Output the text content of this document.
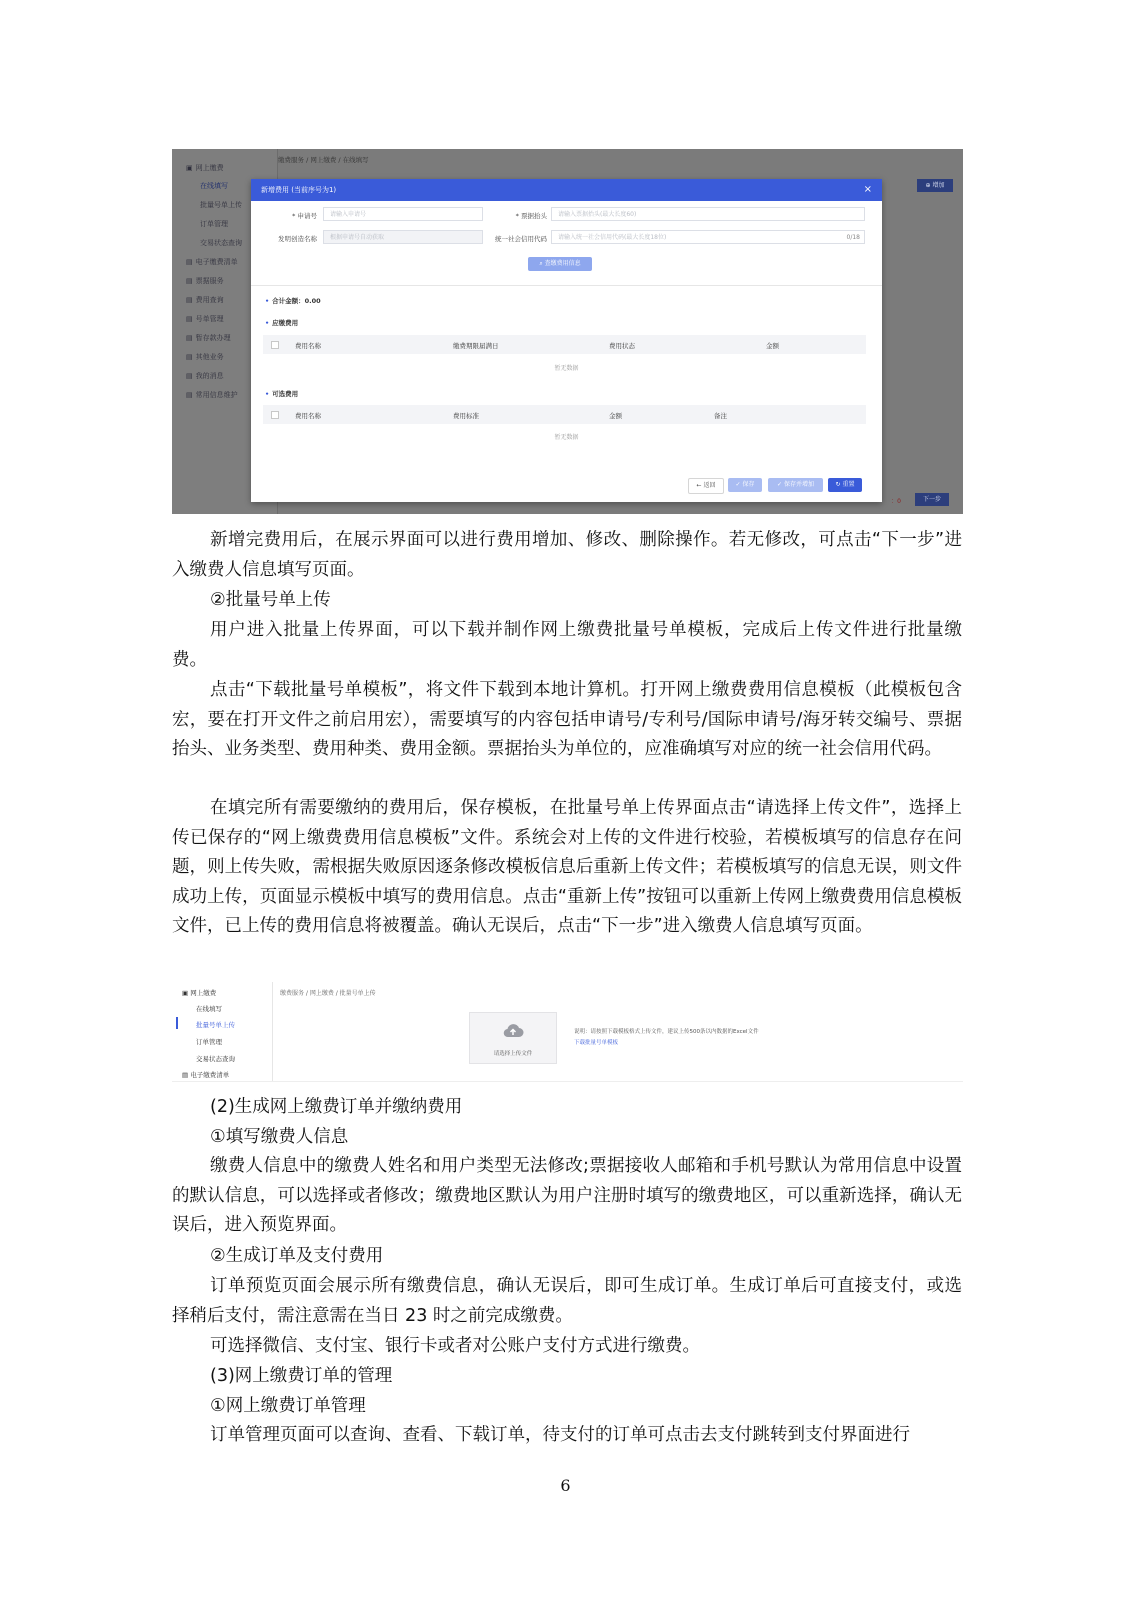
▣ 网上缴费
在线填写
批量号单上传
订单管理
交易状态查询
▤ 电子缴费清单
▤ 票据服务
▤ 费用查询
▤ 号单管理
▤ 暂存款办理
▤ 其他业务
▤ 我的消息
▤ 常用信息维护
缴费服务 / 网上缴费 / 在线填写
⊕ 增加
：0	下一步
新增费用 (当前序号为1)	×
* 申请号	请输入申请号	* 票据抬头	请输入票据抬头(最大长度60)
发明创造名称	根据申请号自动获取	统一社会信用代码	请输入统一社会信用代码(最大长度18位)	0/18
⌕ 查缴费用信息
• 合计金额：0.00
• 应缴费用
费用名称	缴费期限届满日	费用状态	金额
暂无数据
• 可选费用
费用名称	费用标准	金额	备注
暂无数据
← 返回	✓ 保存	✓ 保存并增加	↻ 重置
新增完费用后，在展示界面可以进行费用增加、修改、删除操作。若无修改，可点击“下一步”进入缴费人信息填写页面。
②批量号单上传
用户进入批量上传界面，可以下载并制作网上缴费批量号单模板，完成后上传文件进行批量缴费。
点击“下载批量号单模板”，将文件下载到本地计算机。打开网上缴费费用信息模板（此模板包含宏，要在打开文件之前启用宏），需要填写的内容包括申请号/专利号/国际申请号/海牙转交编号、票据抬头、业务类型、费用种类、费用金额。票据抬头为单位的，应准确填写对应的统一社会信用代码。
在填完所有需要缴纳的费用后，保存模板，在批量号单上传界面点击“请选择上传文件”，选择上传已保存的“网上缴费费用信息模板”文件。系统会对上传的文件进行校验，若模板填写的信息存在问题，则上传失败，需根据失败原因逐条修改模板信息后重新上传文件；若模板填写的信息无误，则文件成功上传，页面显示模板中填写的费用信息。点击“重新上传”按钮可以重新上传网上缴费费用信息模板文件，已上传的费用信息将被覆盖。确认无误后，点击“下一步”进入缴费人信息填写页面。
▣ 网上缴费
在线填写
批量号单上传
订单管理
交易状态查询
▤ 电子缴费清单
缴费服务 / 网上缴费 / 批量号单上传
请选择上传文件
说明：请按照下载模板格式上传文件，建议上传500条以内数据的Excel文件
下载批量号单模板
(2)生成网上缴费订单并缴纳费用
①填写缴费人信息
缴费人信息中的缴费人姓名和用户类型无法修改;票据接收人邮箱和手机号默认为常用信息中设置的默认信息，可以选择或者修改；缴费地区默认为用户注册时填写的缴费地区，可以重新选择，确认无误后，进入预览界面。
②生成订单及支付费用
订单预览页面会展示所有缴费信息，确认无误后，即可生成订单。生成订单后可直接支付，或选择稍后支付，需注意需在当日 23 时之前完成缴费。
可选择微信、支付宝、银行卡或者对公账户支付方式进行缴费。
(3)网上缴费订单的管理
①网上缴费订单管理
订单管理页面可以查询、查看、下载订单，待支付的订单可点击去支付跳转到支付界面进行
6
